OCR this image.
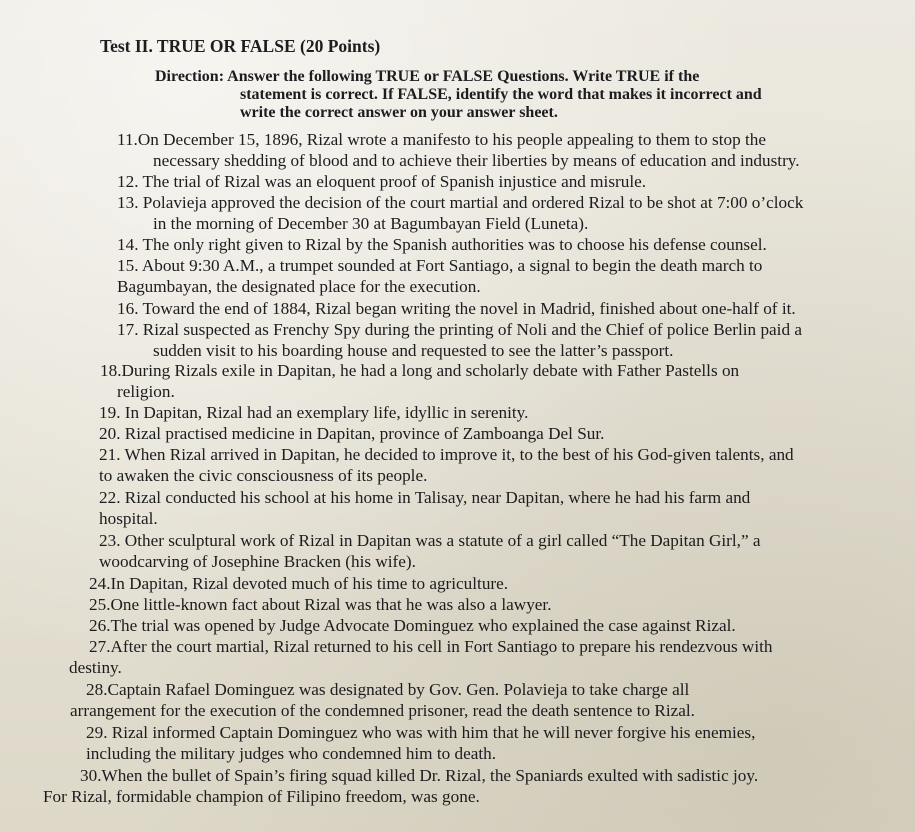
Test II. TRUE OR FALSE (20 Points)
Direction: Answer the following TRUE or FALSE Questions. Write TRUE if the
statement is correct. If FALSE, identify the word that makes it incorrect and
write the correct answer on your answer sheet.
11.On December 15, 1896, Rizal wrote a manifesto to his people appealing to them to stop the
necessary shedding of blood and to achieve their liberties by means of education and industry.
12. The trial of Rizal was an eloquent proof of Spanish injustice and misrule.
13. Polavieja approved the decision of the court martial and ordered Rizal to be shot at 7:00 o’clock
in the morning of December 30 at Bagumbayan Field (Luneta).
14. The only right given to Rizal by the Spanish authorities was to choose his defense counsel.
15. About 9:30 A.M., a trumpet sounded at Fort Santiago, a signal to begin the death march to
Bagumbayan, the designated place for the execution.
16. Toward the end of 1884, Rizal began writing the novel in Madrid, finished about one-half of it.
17. Rizal suspected as Frenchy Spy during the printing of Noli and the Chief of police Berlin paid a
sudden visit to his boarding house and requested to see the latter’s passport.
18.During Rizals exile in Dapitan, he had a long and scholarly debate with Father Pastells on
religion.
19. In Dapitan, Rizal had an exemplary life, idyllic in serenity.
20. Rizal practised medicine in Dapitan, province of Zamboanga Del Sur.
21. When Rizal arrived in Dapitan, he decided to improve it, to the best of his God-given talents, and
to awaken the civic consciousness of its people.
22. Rizal conducted his school at his home in Talisay, near Dapitan, where he had his farm and
hospital.
23. Other sculptural work of Rizal in Dapitan was a statute of a girl called “The Dapitan Girl,” a
woodcarving of Josephine Bracken (his wife).
24.In Dapitan, Rizal devoted much of his time to agriculture.
25.One little-known fact about Rizal was that he was also a lawyer.
26.The trial was opened by Judge Advocate Dominguez who explained the case against Rizal.
27.After the court martial, Rizal returned to his cell in Fort Santiago to prepare his rendezvous with
destiny.
28.Captain Rafael Dominguez was designated by Gov. Gen. Polavieja to take charge all
arrangement for the execution of the condemned prisoner, read the death sentence to Rizal.
29. Rizal informed Captain Dominguez who was with him that he will never forgive his enemies,
including the military judges who condemned him to death.
30.When the bullet of Spain’s firing squad killed Dr. Rizal, the Spaniards exulted with sadistic joy.
For Rizal, formidable champion of Filipino freedom, was gone.
